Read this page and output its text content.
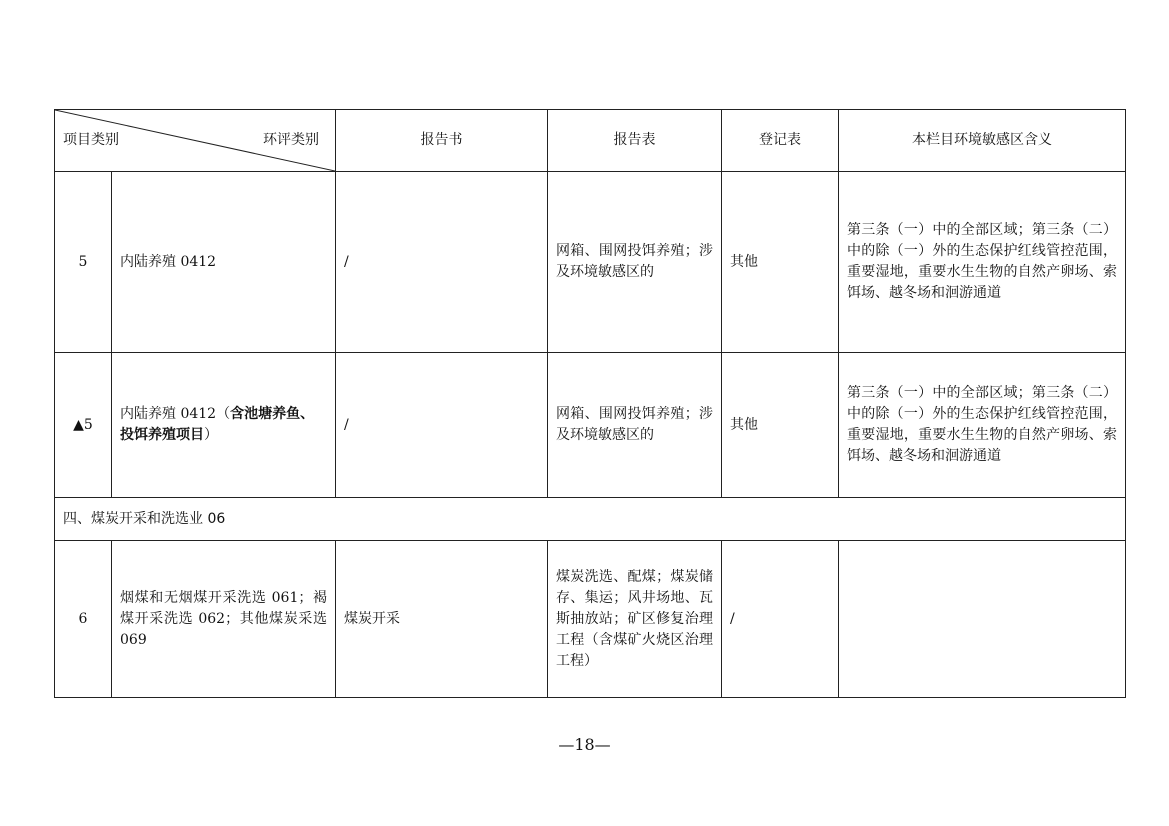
项目类别 环评类别		报告书	报告表	登记表	本栏目环境敏感区含义
5	内陆养殖 0412	/	网箱、围网投饵养殖；涉及环境敏感区的	其他	第三条（一）中的全部区域；第三条（二）中的除（一）外的生态保护红线管控范围，重要湿地，重要水生生物的自然产卵场、索饵场、越冬场和洄游通道
▲5	内陆养殖 0412（含池塘养鱼、投饵养殖项目）	/	网箱、围网投饵养殖；涉及环境敏感区的	其他	第三条（一）中的全部区域；第三条（二）中的除（一）外的生态保护红线管控范围，重要湿地，重要水生生物的自然产卵场、索饵场、越冬场和洄游通道
四、煤炭开采和洗选业 06					
6	烟煤和无烟煤开采洗选 061；褐煤开采洗选 062；其他煤炭采选 069	煤炭开采	煤炭洗选、配煤；煤炭储存、集运；风井场地、瓦斯抽放站；矿区修复治理工程（含煤矿火烧区治理工程）	/	
—18—
